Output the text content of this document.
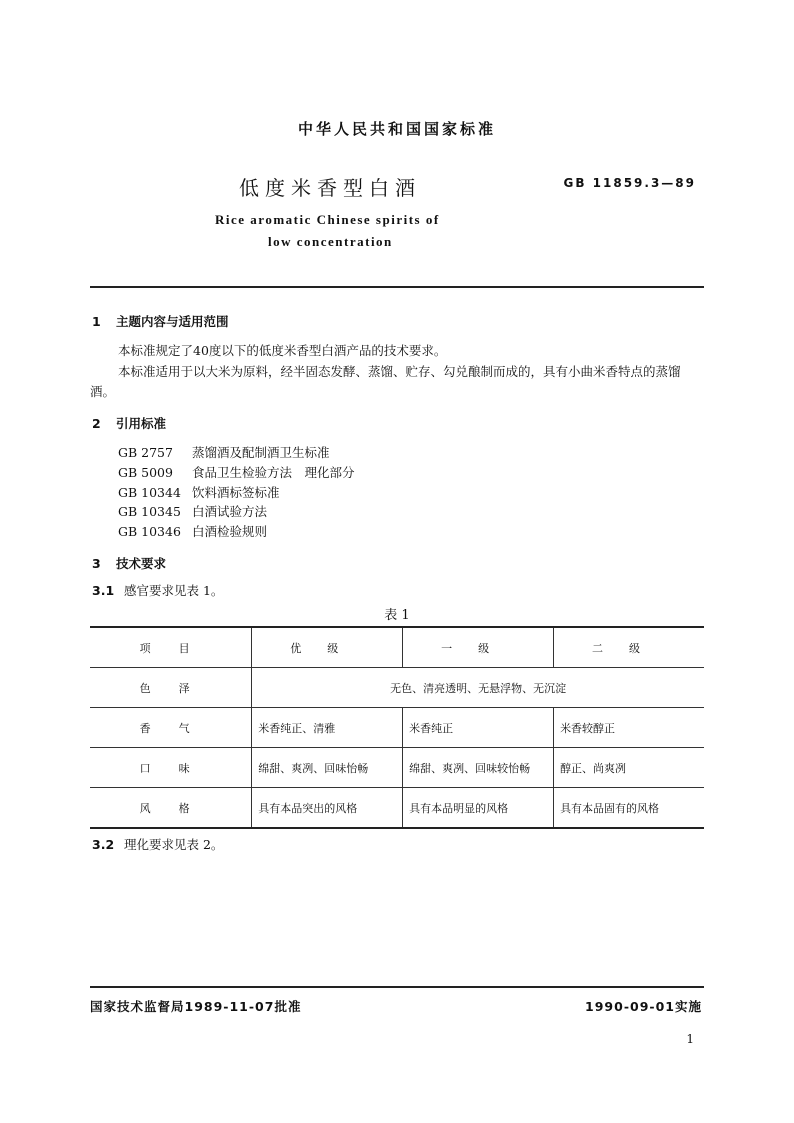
中华人民共和国国家标准
低度米香型白酒	GB 11859.3—89
Rice aromatic Chinese spirits of
low concentration
1 主题内容与适用范围
本标准规定了40度以下的低度米香型白酒产品的技术要求。
本标准适用于以大米为原料，经半固态发酵、蒸馏、贮存、勾兑酿制而成的，具有小曲米香特点的蒸馏酒。
2 引用标准
GB 2757 蒸馏酒及配制酒卫生标准
GB 5009 食品卫生检验方法　理化部分
GB 10344 饮料酒标签标准
GB 10345 白酒试验方法
GB 10346 白酒检验规则
3 技术要求
3.1 感官要求见表 1。
表 1
项目	优级	一级	二级
色泽	无色、清亮透明、无悬浮物、无沉淀		
香气	米香纯正、清雅	米香纯正	米香较醇正
口味	绵甜、爽冽、回味怡畅	绵甜、爽冽、回味较怡畅	醇正、尚爽冽
风格	具有本品突出的风格	具有本品明显的风格	具有本品固有的风格
3.2 理化要求见表 2。
国家技术监督局1989-11-07批准	1990-09-01实施
1
